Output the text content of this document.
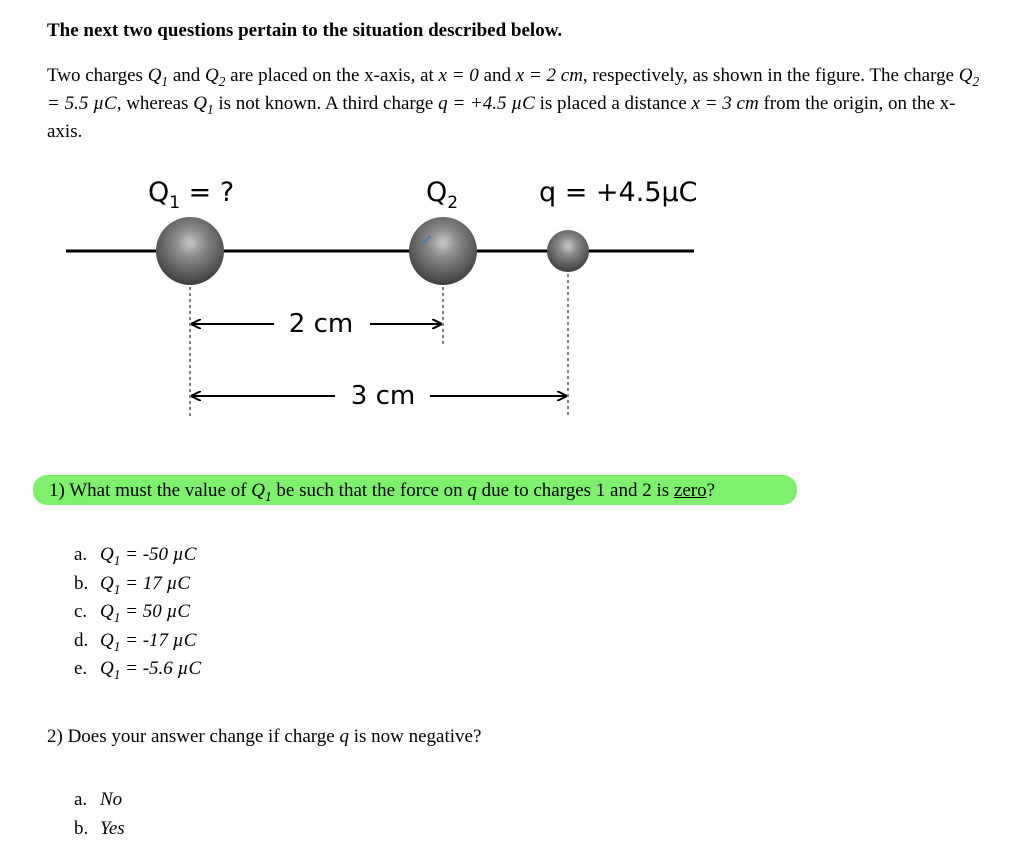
The next two questions pertain to the situation described below.
Two charges $Q_1$ and $Q_2$ are placed on the x-axis, at x = 0 and x = 2 cm, respectively, as shown in the figure. The charge $Q_2 = 5.5$ µC, whereas $Q_1$ is not known. A third charge q = +4.5 µC is placed a distance x = 3 cm from the origin, on the x-axis.
$Q_1$ = ?	$Q_2$	q = +4.5µC
2 cm
3 cm
1) What must the value of $Q_1$ be such that the force on q due to charges 1 and 2 is zero?
a. $Q_1 = -50$ µC
b. $Q_1 = 17$ µC
c. $Q_1 = 50$ µC
d. $Q_1 = -17$ µC
e. $Q_1 = -5.6$ µC
2) Does your answer change if charge q is now negative?
a. No
b. Yes
